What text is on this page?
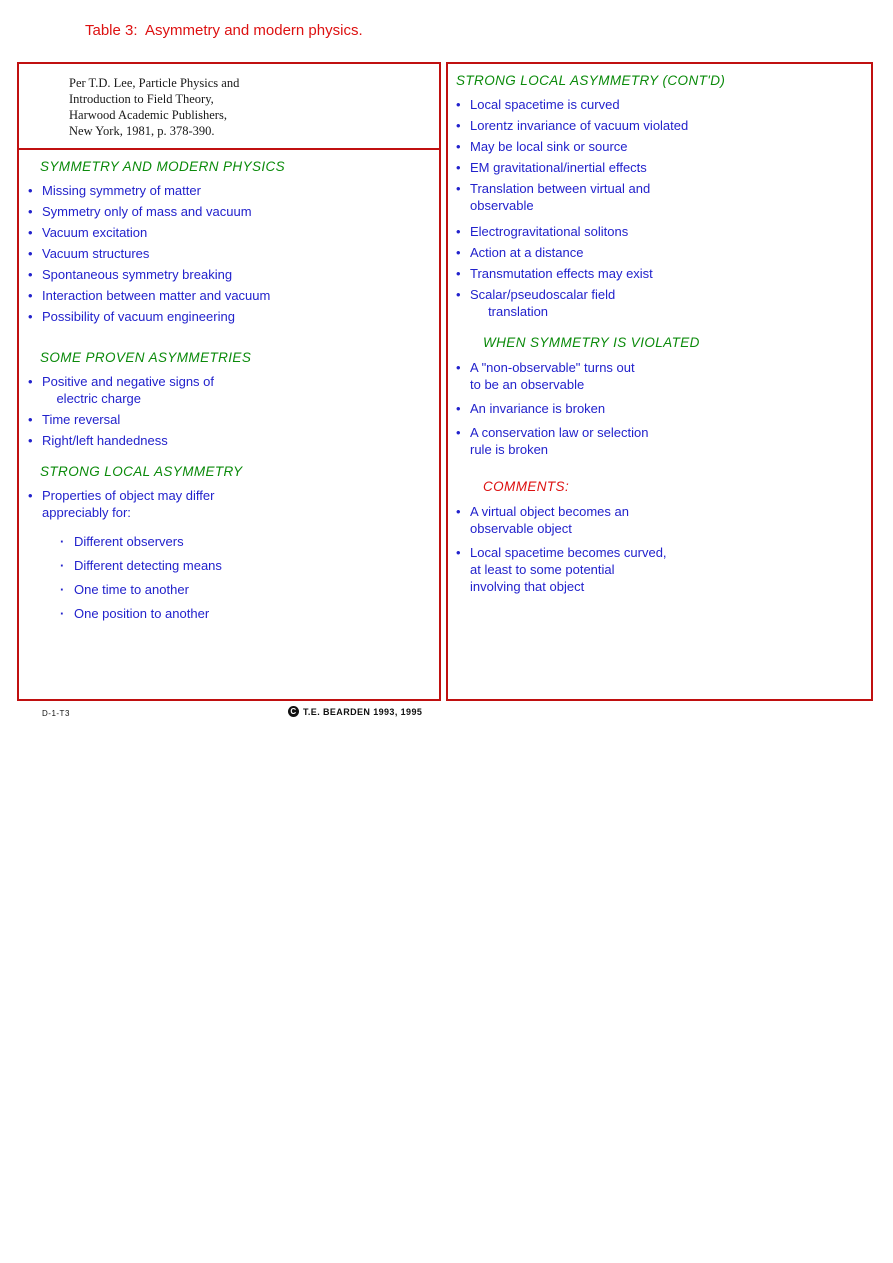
Table 3:  Asymmetry and modern physics.
Per T.D. Lee, Particle Physics and
Introduction to Field Theory,
Harwood Academic Publishers,
New York, 1981, p. 378-390.
SYMMETRY AND MODERN PHYSICS
• Missing symmetry of matter
• Symmetry only of mass and vacuum
• Vacuum excitation
• Vacuum structures
• Spontaneous symmetry breaking
• Interaction between matter and vacuum
• Possibility of vacuum engineering
SOME PROVEN ASYMMETRIES
• Positive and negative signs of
electric charge
• Time reversal
• Right/left handedness
STRONG LOCAL ASYMMETRY
• Properties of object may differ
appreciably for:
· Different observers
· Different detecting means
· One time to another
· One position to another
STRONG LOCAL ASYMMETRY (CONT'D)
• Local spacetime is curved
• Lorentz invariance of vacuum violated
• May be local sink or source
• EM gravitational/inertial effects
• Translation between virtual and
observable
• Electrogravitational solitons
• Action at a distance
• Transmutation effects may exist
• Scalar/pseudoscalar field
translation
WHEN SYMMETRY IS VIOLATED
• A "non-observable" turns out
to be an observable
• An invariance is broken
• A conservation law or selection
rule is broken
COMMENTS:
• A virtual object becomes an
observable object
• Local spacetime becomes curved,
at least to some potential
involving that object
D-1-T3	C T.E. BEARDEN 1993, 1995
